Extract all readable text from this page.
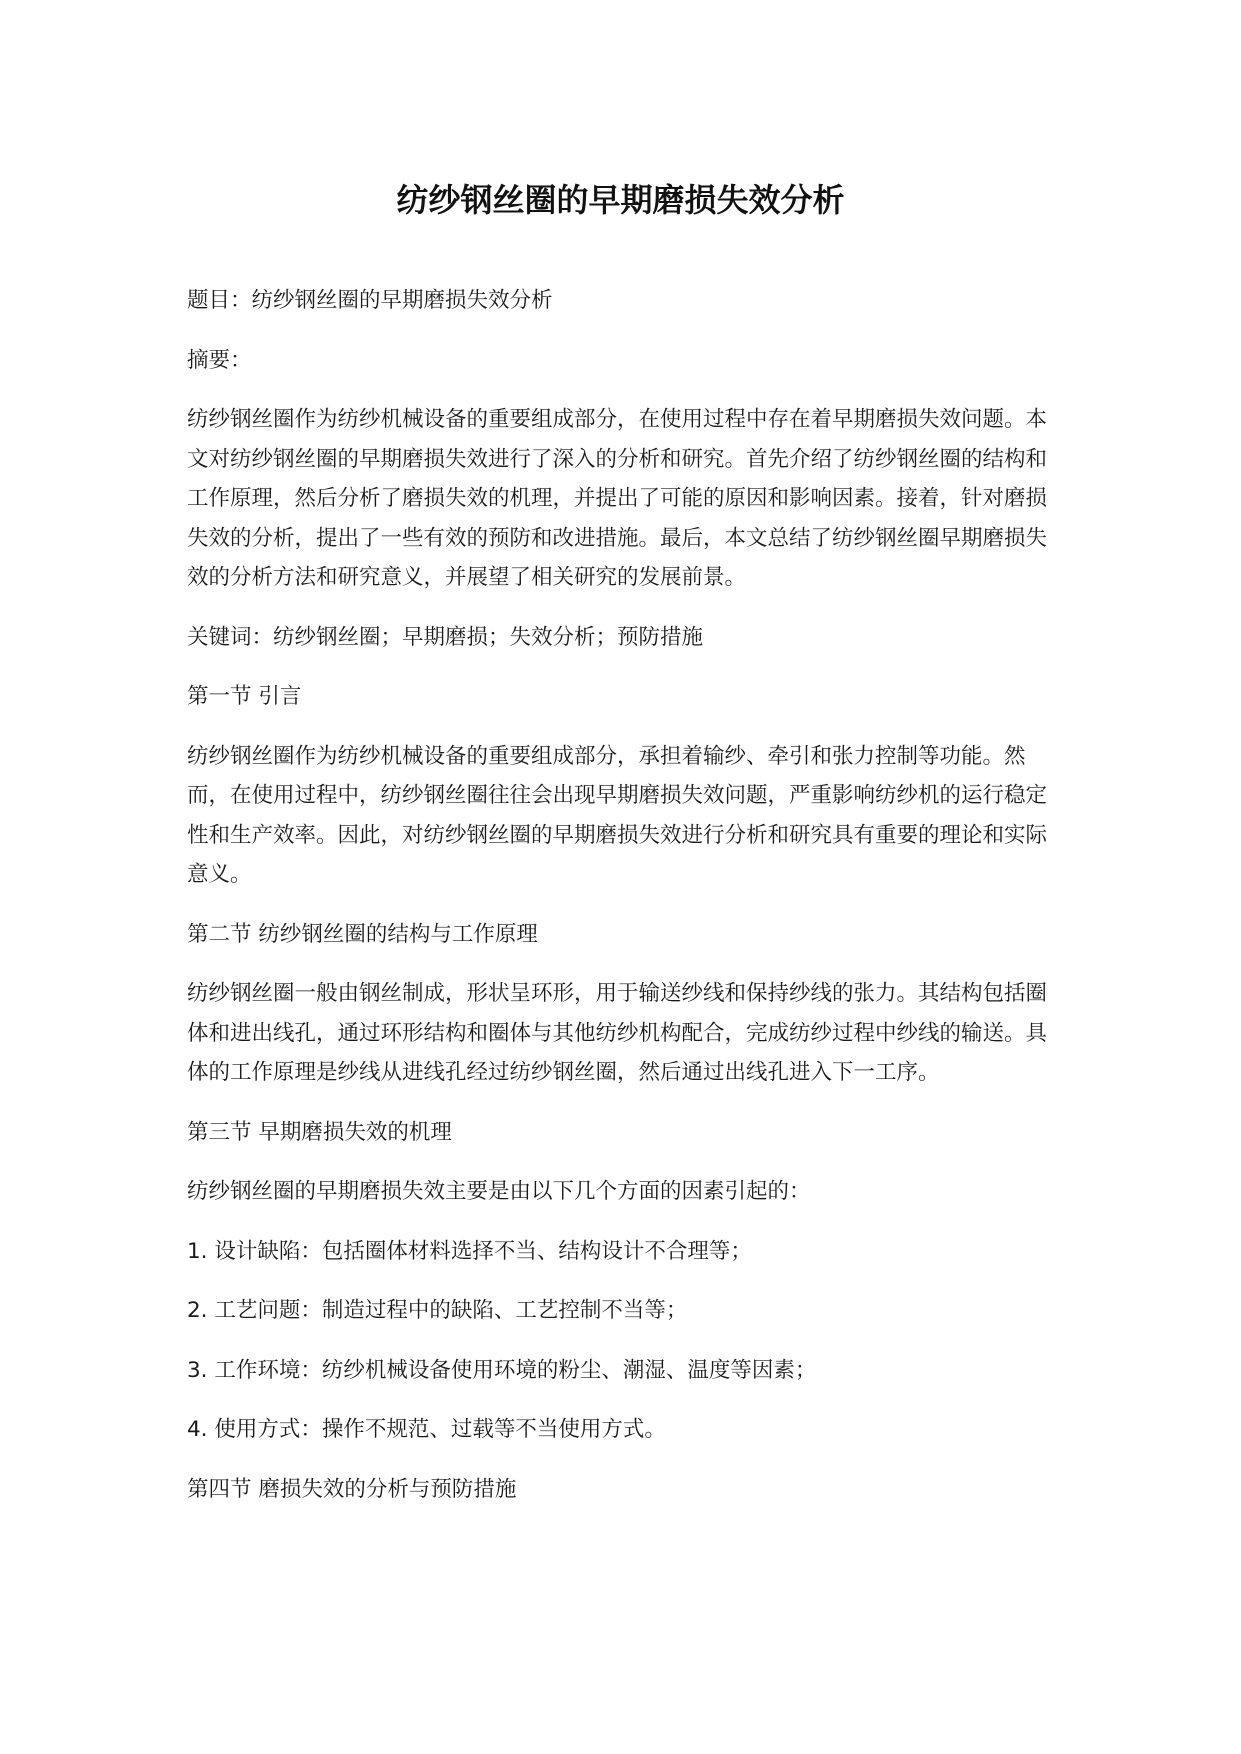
纺纱钢丝圈的早期磨损失效分析
题目：纺纱钢丝圈的早期磨损失效分析
摘要：
纺纱钢丝圈作为纺纱机械设备的重要组成部分，在使用过程中存在着早期磨损失效问题。本文对纺纱钢丝圈的早期磨损失效进行了深入的分析和研究。首先介绍了纺纱钢丝圈的结构和工作原理，然后分析了磨损失效的机理，并提出了可能的原因和影响因素。接着，针对磨损失效的分析，提出了一些有效的预防和改进措施。最后，本文总结了纺纱钢丝圈早期磨损失效的分析方法和研究意义，并展望了相关研究的发展前景。
关键词：纺纱钢丝圈；早期磨损；失效分析；预防措施
第一节 引言
纺纱钢丝圈作为纺纱机械设备的重要组成部分，承担着输纱、牵引和张力控制等功能。然而，在使用过程中，纺纱钢丝圈往往会出现早期磨损失效问题，严重影响纺纱机的运行稳定性和生产效率。因此，对纺纱钢丝圈的早期磨损失效进行分析和研究具有重要的理论和实际意义。
第二节 纺纱钢丝圈的结构与工作原理
纺纱钢丝圈一般由钢丝制成，形状呈环形，用于输送纱线和保持纱线的张力。其结构包括圈体和进出线孔，通过环形结构和圈体与其他纺纱机构配合，完成纺纱过程中纱线的输送。具体的工作原理是纱线从进线孔经过纺纱钢丝圈，然后通过出线孔进入下一工序。
第三节 早期磨损失效的机理
纺纱钢丝圈的早期磨损失效主要是由以下几个方面的因素引起的：
1. 设计缺陷：包括圈体材料选择不当、结构设计不合理等；
2. 工艺问题：制造过程中的缺陷、工艺控制不当等；
3. 工作环境：纺纱机械设备使用环境的粉尘、潮湿、温度等因素；
4. 使用方式：操作不规范、过载等不当使用方式。
第四节 磨损失效的分析与预防措施
